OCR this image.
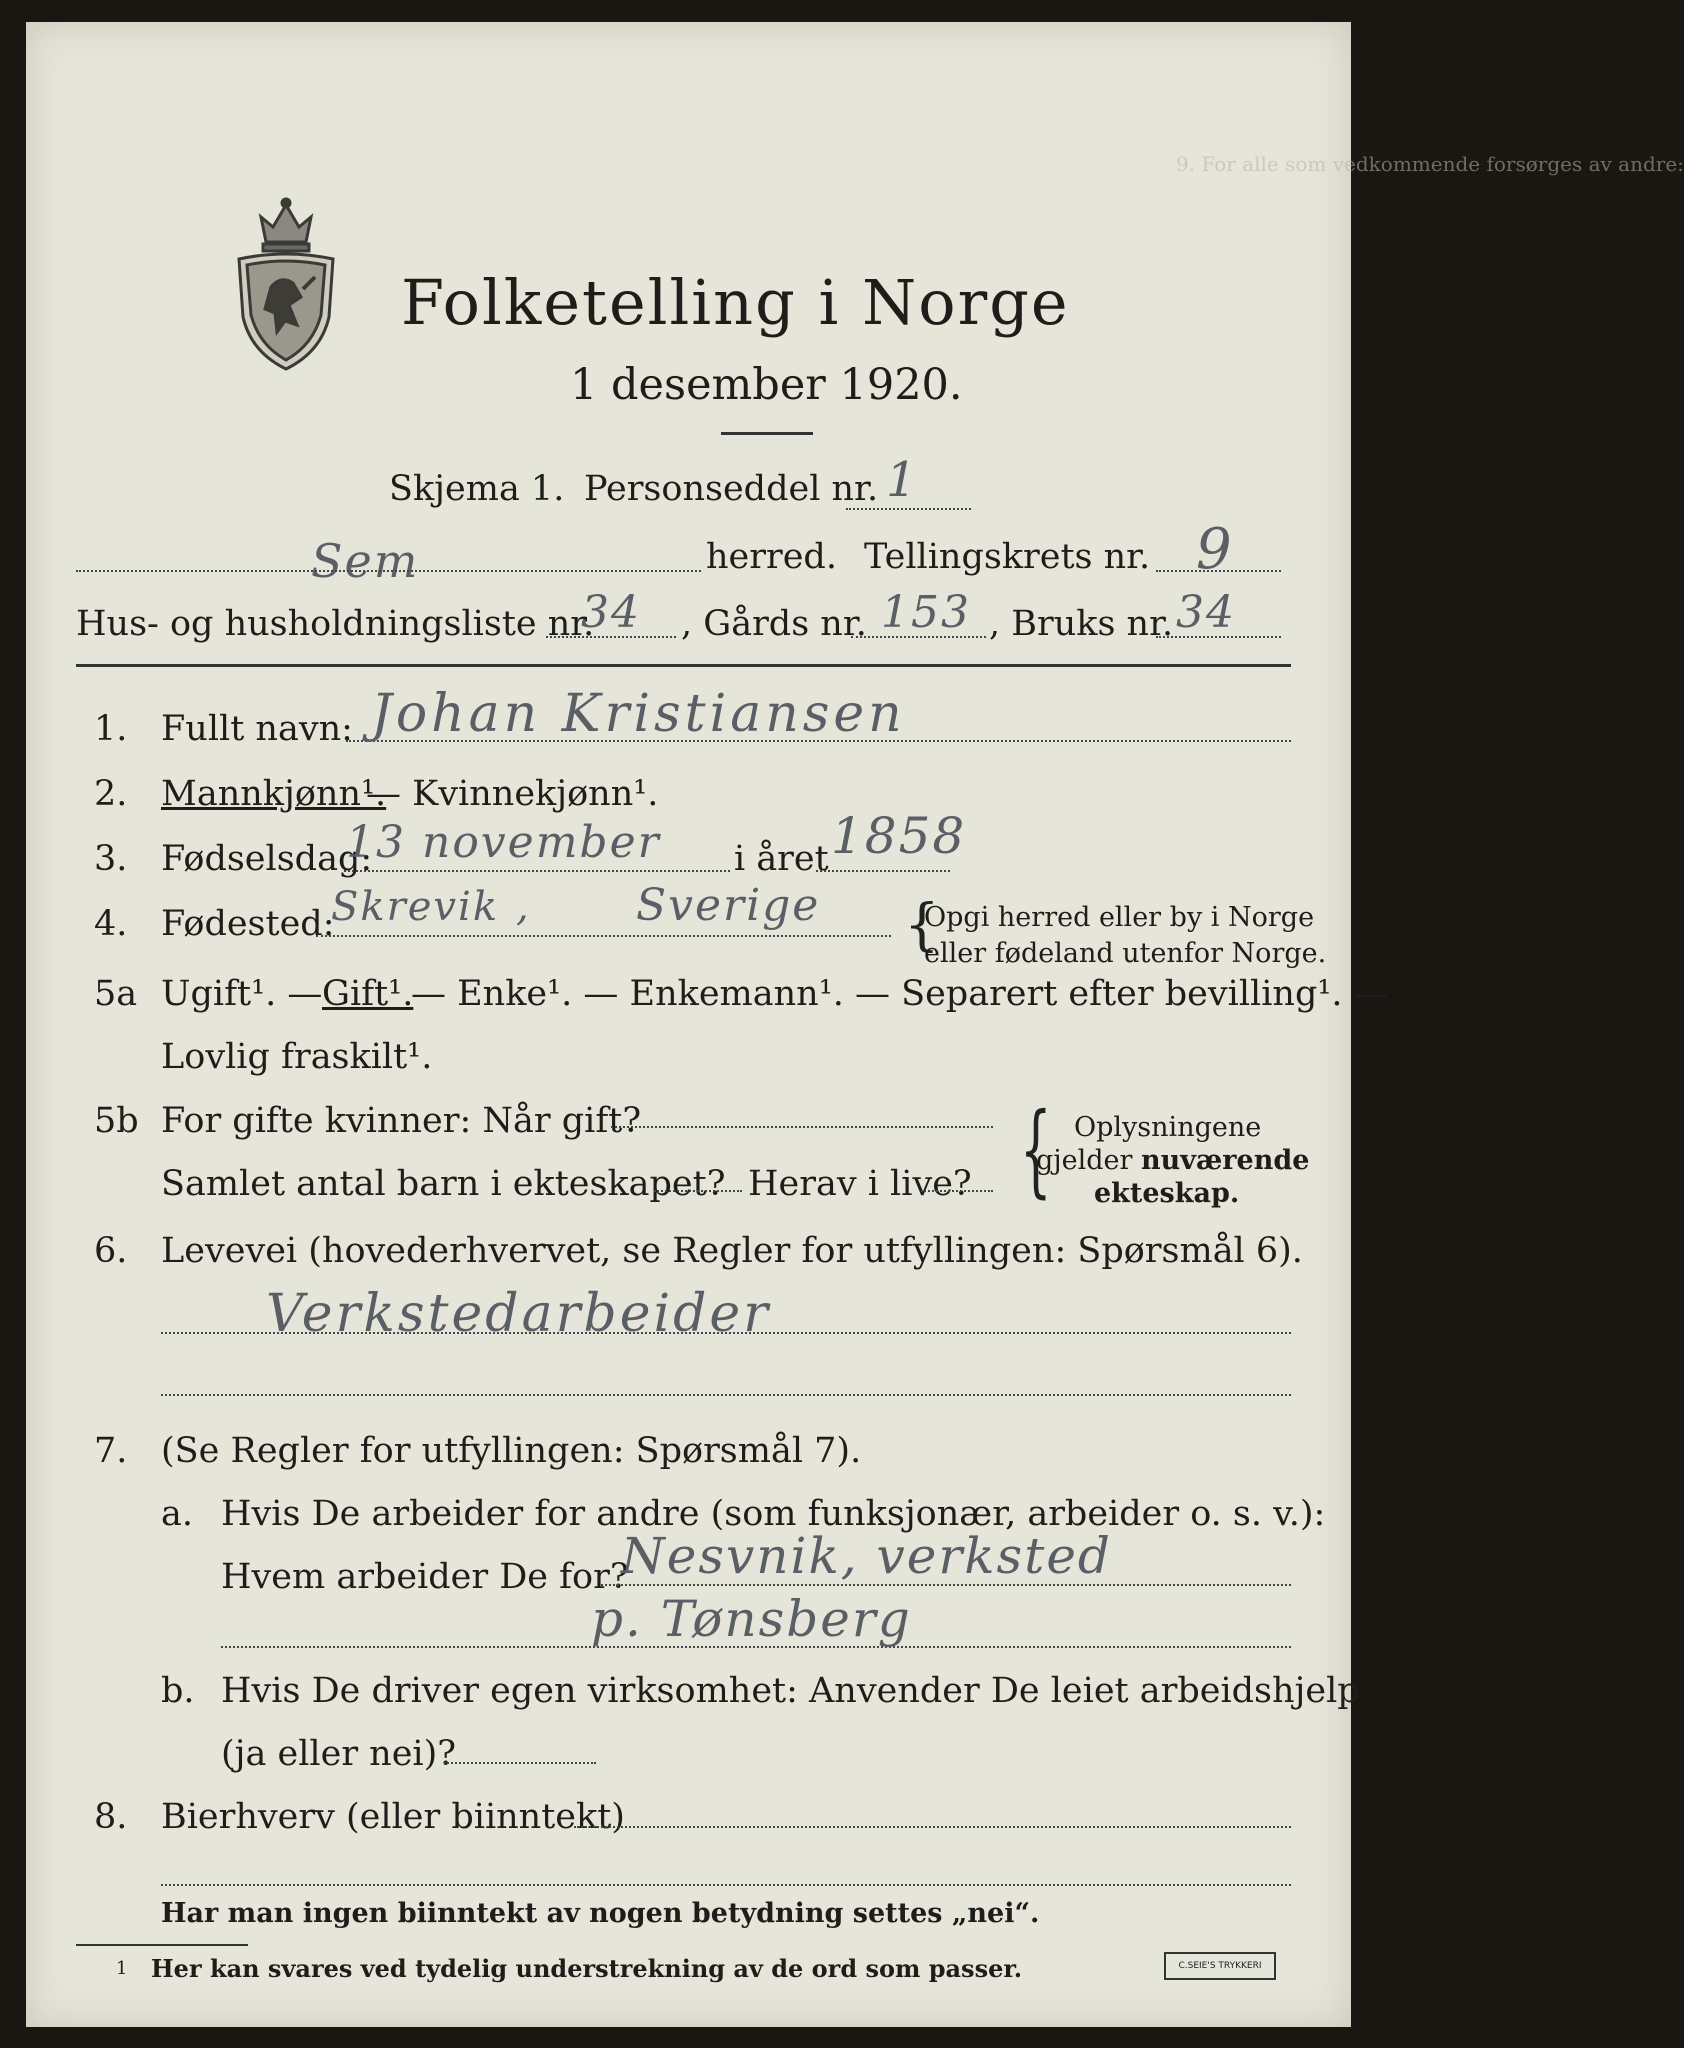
9. For alle som vedkommende forsørges av andre:
Folketelling i Norge
1 desember 1920.
Skjema 1. Personseddel nr. 1
Sem	herred. Tellingskrets nr. 9
Hus- og husholdningsliste nr.
34 , Gårds nr. 153 , Bruks nr. 34
1. Fullt navn: Johan Kristiansen
2. Mannkjønn¹.
— Kvinnekjønn¹.
3. Fødselsdag:
13 november i året 1858
4. Fødested:
Skrevik , Sverige {
Opgi herred eller by i Norge
eller fødeland utenfor Norge.
5a Ugift¹. — Gift¹.
— Enke¹. — Enkemann¹. — Separert efter bevilling¹. —
Lovlig fraskilt¹.
5b For gifte kvinner: Når gift?
Samlet antal barn i ekteskapet? Herav i live? { Oplysningene
gjelder nuværende
ekteskap.
6. Levevei (hovederhvervet, se Regler for utfyllingen: Spørsmål 6).
Verkstedarbeider
7. (Se Regler for utfyllingen: Spørsmål 7).
a. Hvis De arbeider for andre (som funksjonær, arbeider o. s. v.):
Hvem arbeider De for?
Nesvnik, verksted
p. Tønsberg
b. Hvis De driver egen virksomhet: Anvender De leiet arbeidshjelp
(ja eller nei)?
8. Bierhverv (eller biinntekt)
Har man ingen biinntekt av nogen betydning settes „nei“.
1 Her kan svares ved tydelig understrekning av de ord som passer.	C.SEIE'S TRYKKERI
